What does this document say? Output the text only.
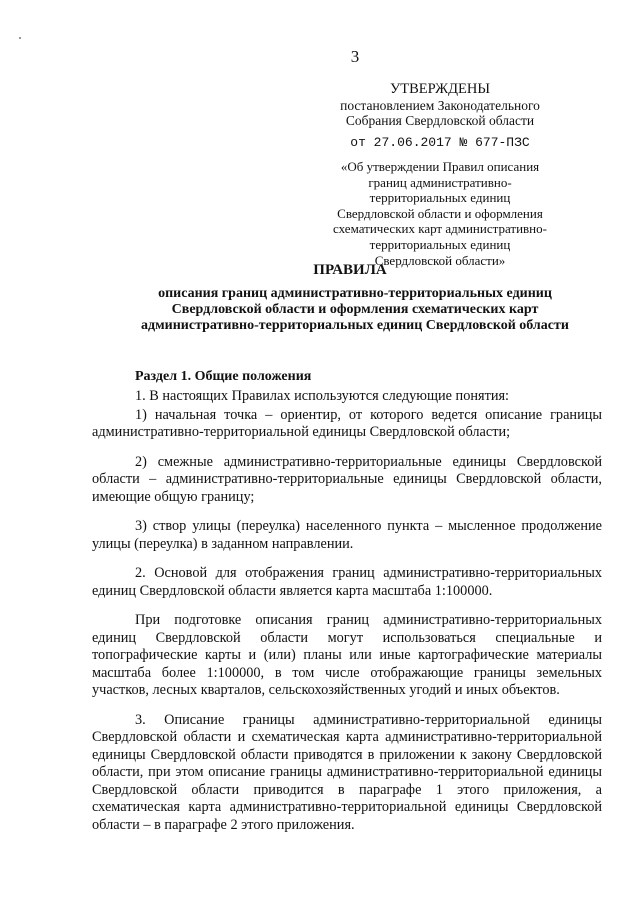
3
УТВЕРЖДЕНЫ
постановлением Законодательного
Собрания Свердловской области
от 27.06.2017 № 677-ПЗС
«Об утверждении Правил описания границ административно-территориальных единиц Свердловской области и оформления схематических карт административно-территориальных единиц Свердловской области»
ПРАВИЛА
описания границ административно-территориальных единиц Свердловской области и оформления схематических карт административно-территориальных единиц Свердловской области
Раздел 1. Общие положения

1. В настоящих Правилах используются следующие понятия:

1) начальная точка – ориентир, от которого ведется описание границы административно-территориальной единицы Свердловской области;

2) смежные административно-территориальные единицы Свердловской области – административно-территориальные единицы Свердловской области, имеющие общую границу;

3) створ улицы (переулка) населенного пункта – мысленное продолжение улицы (переулка) в заданном направлении.

2. Основой для отображения границ административно-территориальных единиц Свердловской области является карта масштаба 1:100000.

При подготовке описания границ административно-территориальных единиц Свердловской области могут использоваться специальные и топографические карты и (или) планы или иные картографические материалы масштаба более 1:100000, в том числе отображающие границы земельных участков, лесных кварталов, сельскохозяйственных угодий и иных объектов.

3. Описание границы административно-территориальной единицы Свердловской области и схематическая карта административно-территориальной единицы Свердловской области приводятся в приложении к закону Свердловской области, при этом описание границы административно-территориальной единицы Свердловской области приводится в параграфе 1 этого приложения, а схематическая карта административно-территориальной единицы Свердловской области – в параграфе 2 этого приложения.
